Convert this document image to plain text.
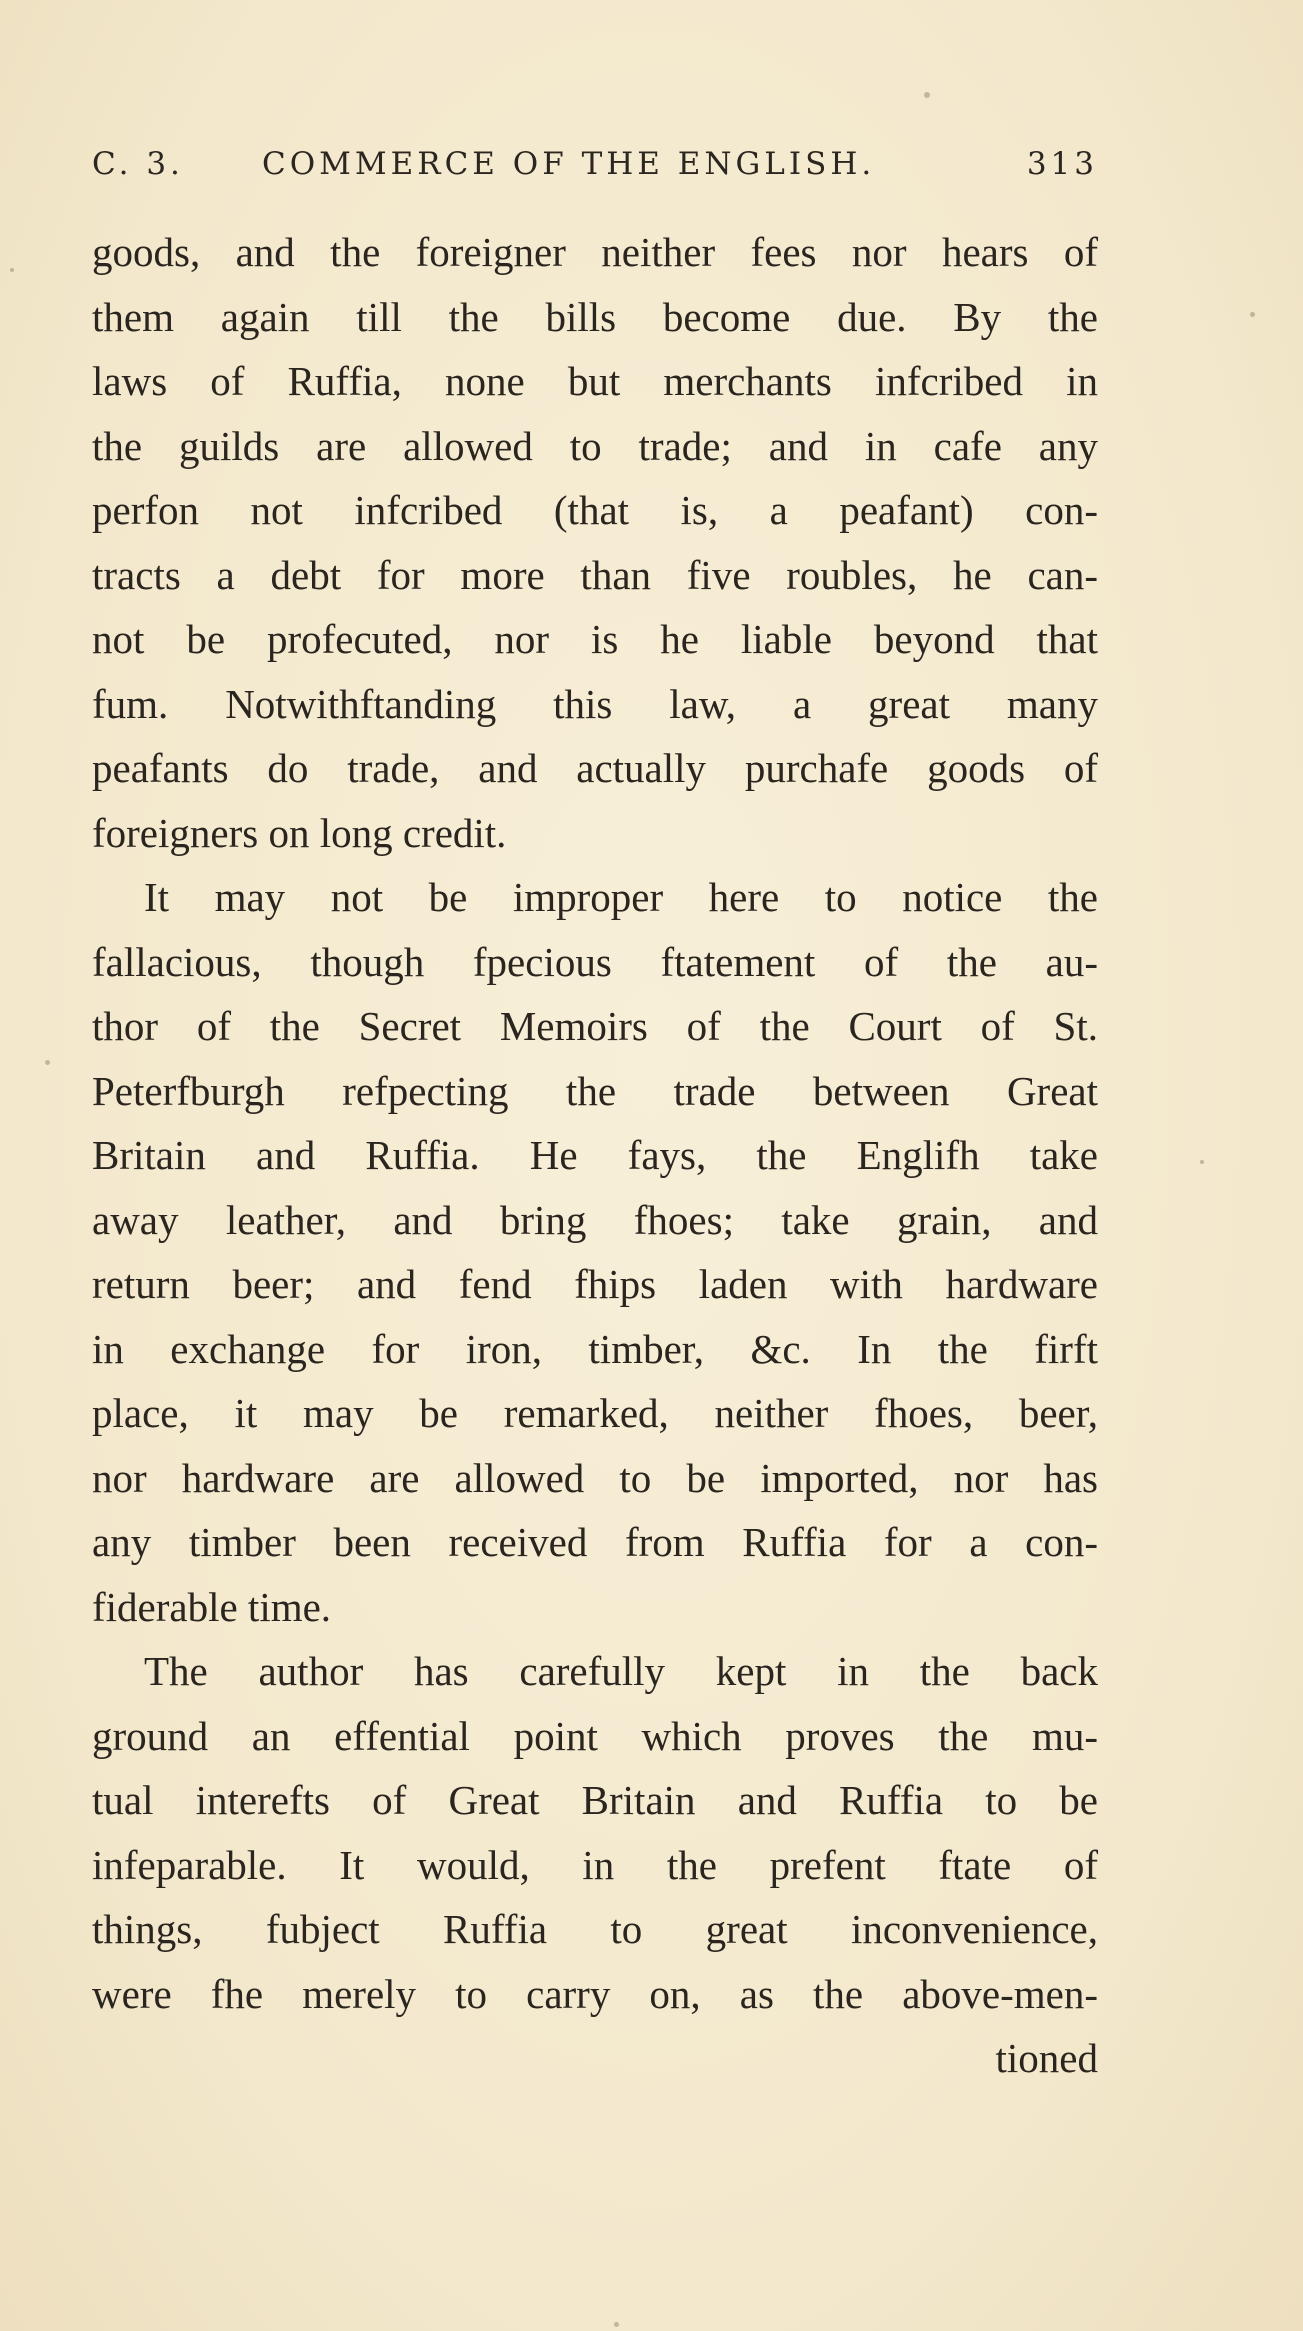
C. 3.	COMMERCE OF THE ENGLISH.	313
goods, and the foreigner neither fees nor hears of
them again till the bills become due. By the
laws of Ruffia, none but merchants infcribed in
the guilds are allowed to trade; and in cafe any
perfon not infcribed (that is, a peafant) con-
tracts a debt for more than five roubles, he can-
not be profecuted, nor is he liable beyond that
fum. Notwithftanding this law, a great many
peafants do trade, and actually purchafe goods of
foreigners on long credit.
It may not be improper here to notice the
fallacious, though fpecious ftatement of the au-
thor of the Secret Memoirs of the Court of St.
Peterfburgh refpecting the trade between Great
Britain and Ruffia. He fays, the Englifh take
away leather, and bring fhoes; take grain, and
return beer; and fend fhips laden with hardware
in exchange for iron, timber, &c. In the firft
place, it may be remarked, neither fhoes, beer,
nor hardware are allowed to be imported, nor has
any timber been received from Ruffia for a con-
fiderable time.
The author has carefully kept in the back
ground an effential point which proves the mu-
tual interefts of Great Britain and Ruffia to be
infeparable. It would, in the prefent ftate of
things, fubject Ruffia to great inconvenience,
were fhe merely to carry on, as the above-men-
tioned
